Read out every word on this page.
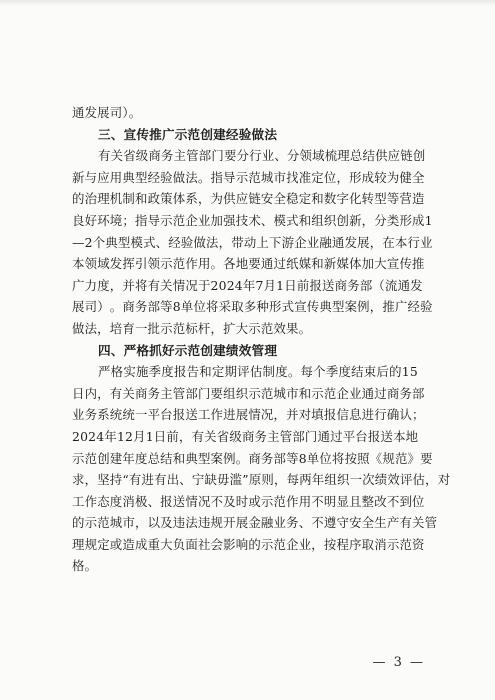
通发展司）。
三、宣传推广示范创建经验做法
有 关 省 级 商 务 主 管 部 门 要 分 行 业 、 分 领 域 梳 理 总 结 供 应 链 创
新 与 应 用 典 型 经 验 做 法 。 指 导 示 范 城 市 找 准 定 位 ， 形 成 较 为 健 全
的 治 理 机 制 和 政 策 体 系 ， 为 供 应 链 安 全 稳 定 和 数 字 化 转 型 等 营 造
良 好 环 境 ； 指 导 示 范 企 业 加 强 技 术 、 模 式 和 组 织 创 新 ， 分 类 形 成 1
— 2 个 典 型 模 式 、 经 验 做 法 ， 带 动 上 下 游 企 业 融 通 发 展 ， 在 本 行 业
本 领 域 发 挥 引 领 示 范 作 用 。 各 地 要 通 过 纸 媒 和 新 媒 体 加 大 宣 传 推
广 力 度 ， 并 将 有 关 情 况 于 2024 年 7 月 1 日 前 报 送 商 务 部 （ 流 通 发
展 司 ） 。 商 务 部 等 8 单 位 将 采 取 多 种 形 式 宣 传 典 型 案 例 ， 推 广 经 验
做法，培育一批示范标杆，扩大示范效果。
四、严格抓好示范创建绩效管理
严 格 实 施 季 度 报 告 和 定 期 评 估 制 度 。 每 个 季 度 结 束 后 的 15
日 内 ， 有 关 商 务 主 管 部 门 要 组 织 示 范 城 市 和 示 范 企 业 通 过 商 务 部
业 务 系 统 统 一 平 台 报 送 工 作 进 展 情 况 ， 并 对 填 报 信 息 进 行 确 认 ；
2024 年 12 月 1 日 前 ， 有 关 省 级 商 务 主 管 部 门 通 过 平 台 报 送 本 地
示 范 创 建 年 度 总 结 和 典 型 案 例 。 商 务 部 等 8 单 位 将 按 照 《 规 范 》 要
求 ， 坚 持 “ 有 进 有 出 、 宁 缺 毋 滥 ” 原 则 ， 每 两 年 组 织 一 次 绩 效 评 估 ， 对
工 作 态 度 消 极 、 报 送 情 况 不 及 时 或 示 范 作 用 不 明 显 且 整 改 不 到 位
的 示 范 城 市 ， 以 及 违 法 违 规 开 展 金 融 业 务 、 不 遵 守 安 全 生 产 有 关 管
理 规 定 或 造 成 重 大 负 面 社 会 影 响 的 示 范 企 业 ， 按 程 序 取 消 示 范 资
格。
— 3 —
